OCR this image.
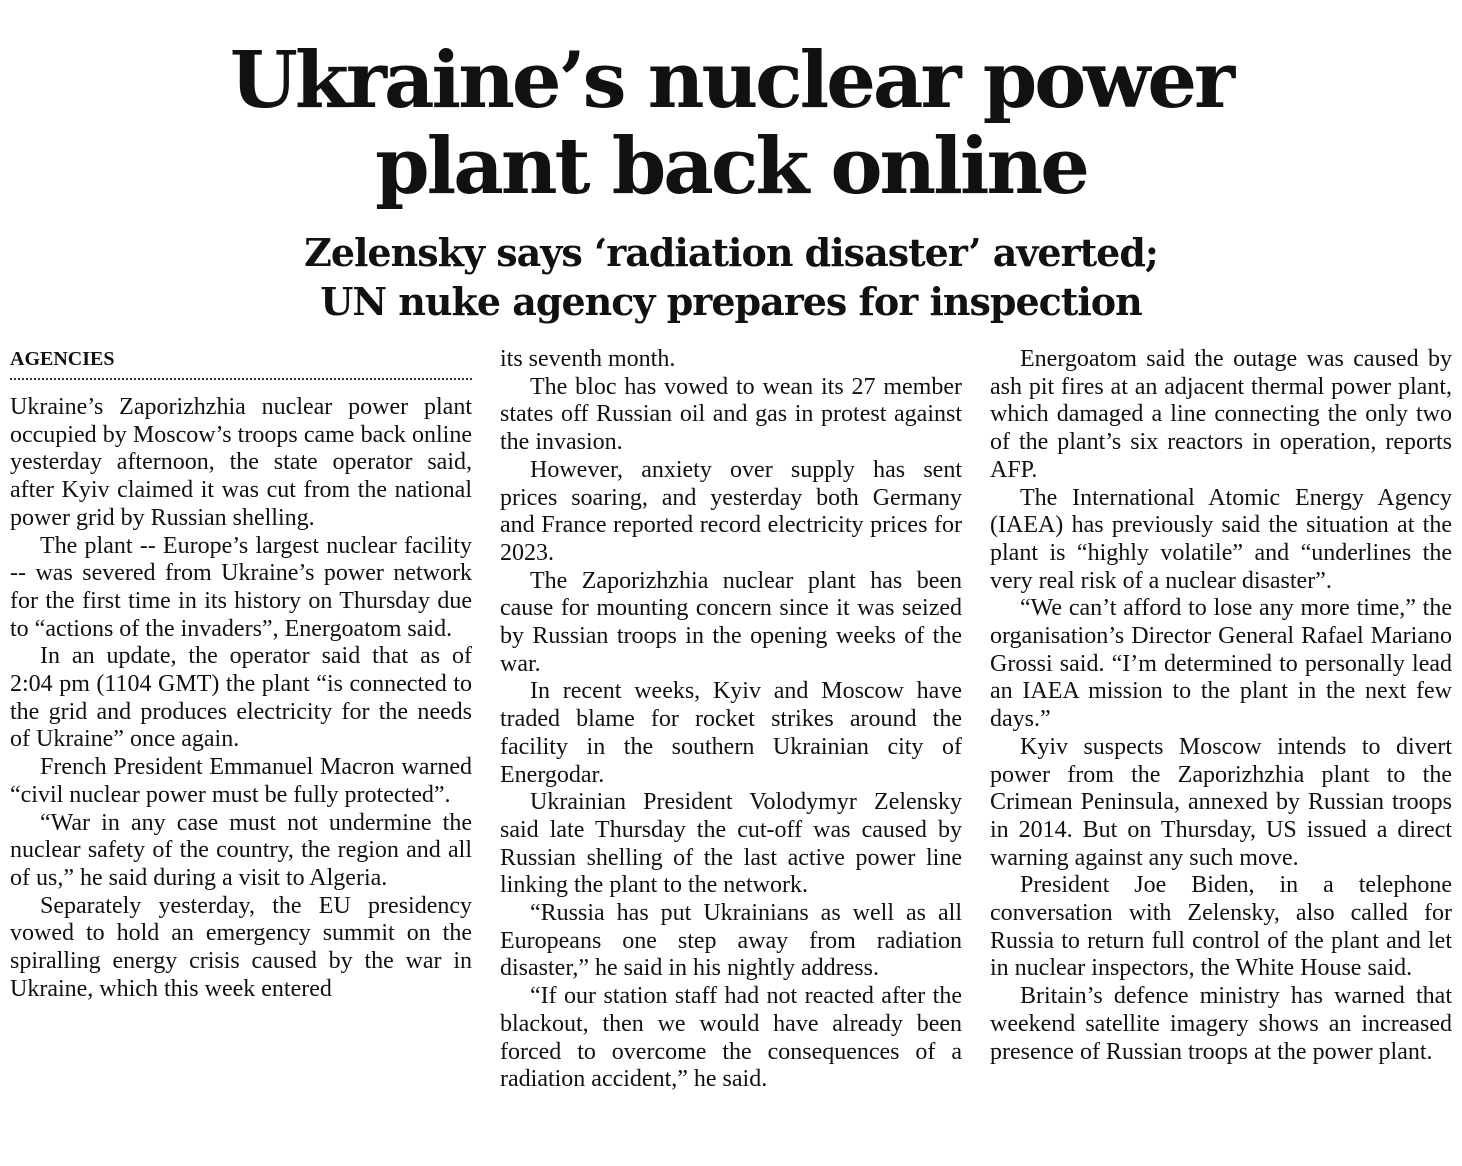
Ukraine’s nuclear power
plant back online
Zelensky says ‘radiation disaster’ averted;
UN nuke agency prepares for inspection
AGENCIES

Ukraine’s Zaporizhzhia nuclear power plant occupied by Moscow’s troops came back online yesterday afternoon, the state operator said, after Kyiv claimed it was cut from the national power grid by Russian shelling.

The plant -- Europe’s largest nuclear facility -- was severed from Ukraine’s power network for the first time in its history on Thursday due to “actions of the invaders”, Energoatom said.

In an update, the operator said that as of 2:04 pm (1104 GMT) the plant “is connected to the grid and produces electricity for the needs of Ukraine” once again.

French President Emmanuel Macron warned “civil nuclear power must be fully protected”.

“War in any case must not undermine the nuclear safety of the country, the region and all of us,” he said during a visit to Algeria.

Separately yesterday, the EU presidency vowed to hold an emergency summit on the spiralling energy crisis caused by the war in Ukraine, which this week entered

its seventh month.

The bloc has vowed to wean its 27 member states off Russian oil and gas in protest against the invasion.

However, anxiety over supply has sent prices soaring, and yesterday both Germany and France reported record electricity prices for 2023.

The Zaporizhzhia nuclear plant has been cause for mounting concern since it was seized by Russian troops in the opening weeks of the war.

In recent weeks, Kyiv and Moscow have traded blame for rocket strikes around the facility in the southern Ukrainian city of Energodar.

Ukrainian President Volodymyr Zelensky said late Thursday the cut-off was caused by Russian shelling of the last active power line linking the plant to the network.

“Russia has put Ukrainians as well as all Europeans one step away from radiation disaster,” he said in his nightly address.

“If our station staff had not reacted after the blackout, then we would have already been forced to overcome the consequences of a radiation accident,” he said.

Energoatom said the outage was caused by ash pit fires at an adjacent thermal power plant, which damaged a line connecting the only two of the plant’s six reactors in operation, reports AFP.

The International Atomic Energy Agency (IAEA) has previously said the situation at the plant is “highly volatile” and “underlines the very real risk of a nuclear disaster”.

“We can’t afford to lose any more time,” the organisation’s Director General Rafael Mariano Grossi said. “I’m determined to personally lead an IAEA mission to the plant in the next few days.”

Kyiv suspects Moscow intends to divert power from the Zaporizhzhia plant to the Crimean Peninsula, annexed by Russian troops in 2014. But on Thursday, US issued a direct warning against any such move.

President Joe Biden, in a telephone conversation with Zelensky, also called for Russia to return full control of the plant and let in nuclear inspectors, the White House said.

Britain’s defence ministry has warned that weekend satellite imagery shows an increased presence of Russian troops at the power plant.
